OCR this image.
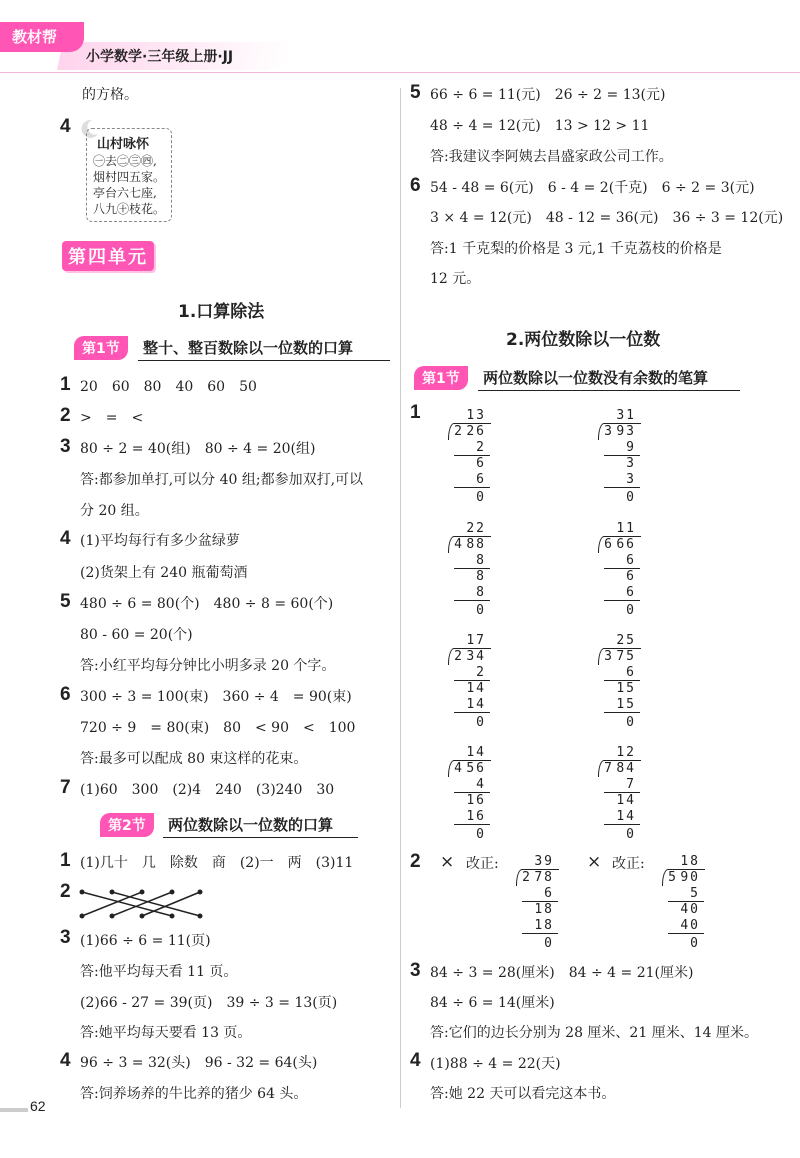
教材帮
小学数学·三年级上册·JJ
的方格。
4
山村咏怀
㊀去㊁㊂㊃,
烟村四五家。
亭台六七座,
八九㊉枝花。
第四单元
1.口算除法
第1节	整十、整百数除以一位数的口算
1 20　60　80　40　60　50
2 >　=　<
3 80 ÷ 2 = 40(组)　80 ÷ 4 = 20(组)
答:都参加单打,可以分 40 组;都参加双打,可以
分 20 组。
4 (1)平均每行有多少盆绿萝
(2)货架上有 240 瓶葡萄酒
5 480 ÷ 6 = 80(个)　480 ÷ 8 = 60(个)
80 - 60 = 20(个)
答:小红平均每分钟比小明多录 20 个字。
6 300 ÷ 3 = 100(束)　360 ÷ 4　= 90(束)
720 ÷ 9　= 80(束)　80　< 90　<　100
答:最多可以配成 80 束这样的花束。
7 (1)60　300　(2)4　240　(3)240　30
第2节	两位数除以一位数的口算
1 (1)几十　几　除数　商　(2)一　两　(3)11
2
3 (1)66 ÷ 6 = 11(页)
答:他平均每天看 11 页。
(2)66 - 27 = 39(页)　39 ÷ 3 = 13(页)
答:她平均每天要看 13 页。
4 96 ÷ 3 = 32(头)　96 - 32 = 64(头)
答:饲养场养的牛比养的猪少 64 头。
5 66 ÷ 6 = 11(元)　26 ÷ 2 = 13(元)
48 ÷ 4 = 12(元)　13 > 12 > 11
答:我建议李阿姨去昌盛家政公司工作。
6 54 - 48 = 6(元)　6 - 4 = 2(千克)　6 ÷ 2 = 3(元)
3 × 4 = 12(元)　48 - 12 = 36(元)　36 ÷ 3 = 12(元)
答:1 千克梨的价格是 3 元,1 千克荔枝的价格是
12 元。
2.两位数除以一位数
第1节	两位数除以一位数没有余数的笔算
1	13
2 26
2
6
6
0
31
3 93
9
3
3
0
22
4 88
8
8
8
0
11
6 66
6
6
6
0
17
2 34
2
14
14
0
25
3 75
6
15
15
0
14
4 56
4
16
16
0
12
7 84
7
14
14
0
2 × 改正:	× 改正:
39
2 78
6
18
18
0
18
5 90
5
40
40
0
3 84 ÷ 3 = 28(厘米)　84 ÷ 4 = 21(厘米)
84 ÷ 6 = 14(厘米)
答:它们的边长分别为 28 厘米、21 厘米、14 厘米。
4 (1)88 ÷ 4 = 22(天)
答:她 22 天可以看完这本书。
62
